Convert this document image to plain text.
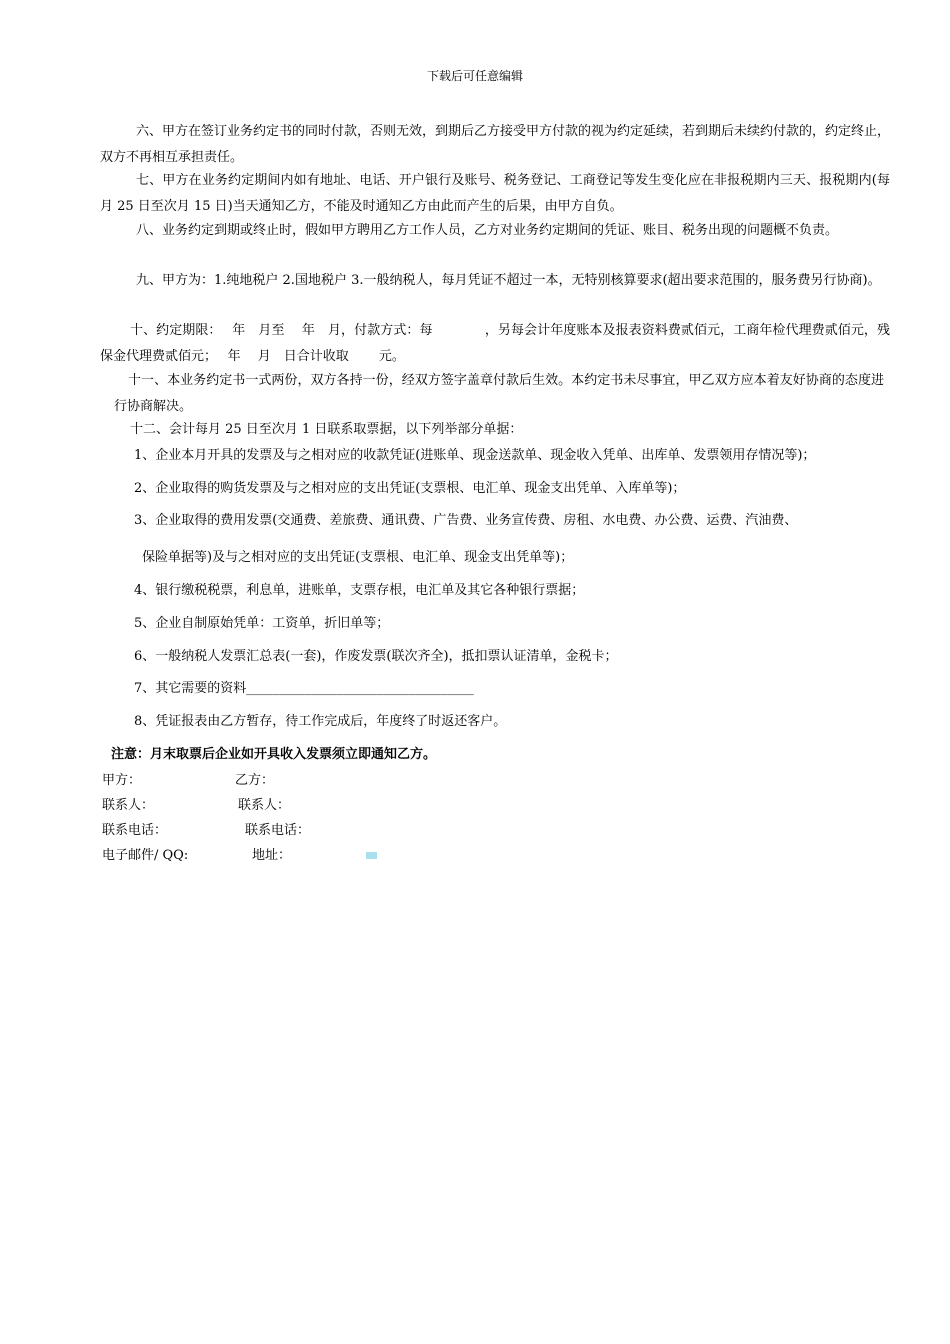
下载后可任意编辑

六、甲方在签订业务约定书的同时付款，否则无效，到期后乙方接受甲方付款的视为约定延续，若到期后未续约付款的，约定终止，双方不再相互承担责任。

七、甲方在业务约定期间内如有地址、电话、开户银行及账号、税务登记、工商登记等发生变化应在非报税期内三天、报税期内(每月 25 日至次月 15 日)当天通知乙方，不能及时通知乙方由此而产生的后果，由甲方自负。

八、业务约定到期或终止时，假如甲方聘用乙方工作人员，乙方对业务约定期间的凭证、账目、税务出现的问题概不负责。

九、甲方为：1.纯地税户 2.国地税户 3.一般纳税人，每月凭证不超过一本，无特别核算要求(超出要求范围的，服务费另行协商)。

十、约定期限：　 年　月至　 年　月，付款方式：每　　　　，另每会计年度账本及报表资料费贰佰元，工商年检代理费贰佰元，残保金代理费贰佰元；　 年　 月　日合计收取　　 元。

十一、本业务约定书一式两份，双方各持一份，经双方签字盖章付款后生效。本约定书未尽事宜，甲乙双方应本着友好协商的态度进行协商解决。

十二、会计每月 25 日至次月 1 日联系取票据，以下列举部分单据：

1、企业本月开具的发票及与之相对应的收款凭证(进账单、现金送款单、现金收入凭单、出库单、发票领用存情况等)；

2、企业取得的购货发票及与之相对应的支出凭证(支票根、电汇单、现金支出凭单、入库单等)；

3、企业取得的费用发票(交通费、差旅费、通讯费、广告费、业务宣传费、房租、水电费、办公费、运费、汽油费、

保险单据等)及与之相对应的支出凭证(支票根、电汇单、现金支出凭单等)；

4、银行缴税税票，利息单，进账单，支票存根，电汇单及其它各种银行票据；

5、企业自制原始凭单：工资单，折旧单等；

6、一般纳税人发票汇总表(一套)，作废发票(联次齐全)，抵扣票认证清单，金税卡；

7、其它需要的资料___________________________________

8、凭证报表由乙方暂存，待工作完成后，年度终了时返还客户。

注意：月末取票后企业如开具收入发票须立即通知乙方。

甲方：	乙方：

联系人：	联系人：

联系电话：	联系电话：

电子邮件/ QQ:	地址：
